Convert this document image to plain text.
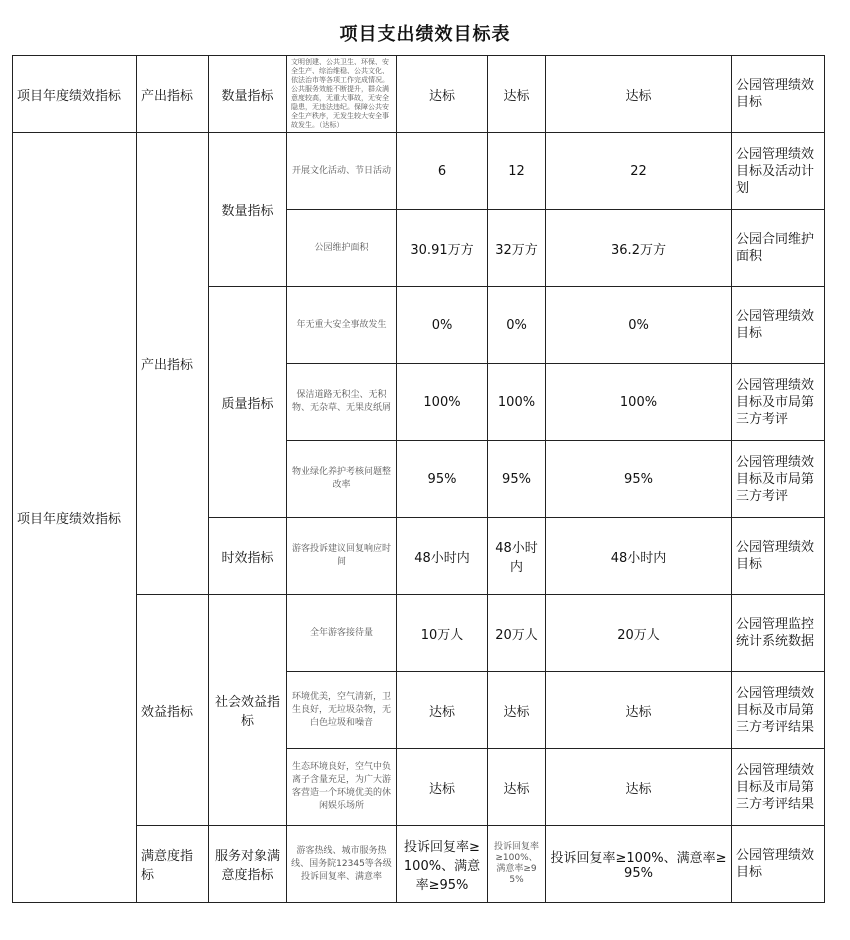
项目支出绩效目标表
项目年度绩效指标	产出指标	数量指标	文明创建、公共卫生、环保、安全生产、综治维稳、公共文化、依法治市等各项工作完成情况。公共服务效能不断提升，群众满意度较高，无重大事故，无安全隐患，无违法违纪。保障公共安全生产秩序，无发生较大安全事故发生。（达标）	达标	达标	达标	公园管理绩效目标
项目年度绩效指标	产出指标	数量指标	开展文化活动、节日活动	6	12	22	公园管理绩效目标及活动计划
			公园维护面积	30.91万方	32万方	36.2万方	公园合同维护面积
		质量指标	年无重大安全事故发生	0%	0%	0%	公园管理绩效目标
			保洁道路无积尘、无积物、无杂草、无果皮纸屑	100%	100%	100%	公园管理绩效目标及市局第三方考评
			物业绿化养护考核问题整改率	95%	95%	95%	公园管理绩效目标及市局第三方考评
		时效指标	游客投诉建议回复响应时间	48小时内	48小时内	48小时内	公园管理绩效目标
	效益指标	社会效益指标	全年游客接待量	10万人	20万人	20万人	公园管理监控统计系统数据
			环境优美，空气清新，卫生良好，无垃圾杂物，无白色垃圾和噪音	达标	达标	达标	公园管理绩效目标及市局第三方考评结果
			生态环境良好，空气中负离子含量充足，为广大游客营造一个环境优美的休闲娱乐场所	达标	达标	达标	公园管理绩效目标及市局第三方考评结果
	满意度指标	服务对象满意度指标	游客热线、城市服务热线、国务院12345等各级投诉回复率、满意率	投诉回复率≥100%、满意率≥95%	投诉回复率≥100%、满意率≥95%	投诉回复率≥100%、满意率≥95%	公园管理绩效目标
